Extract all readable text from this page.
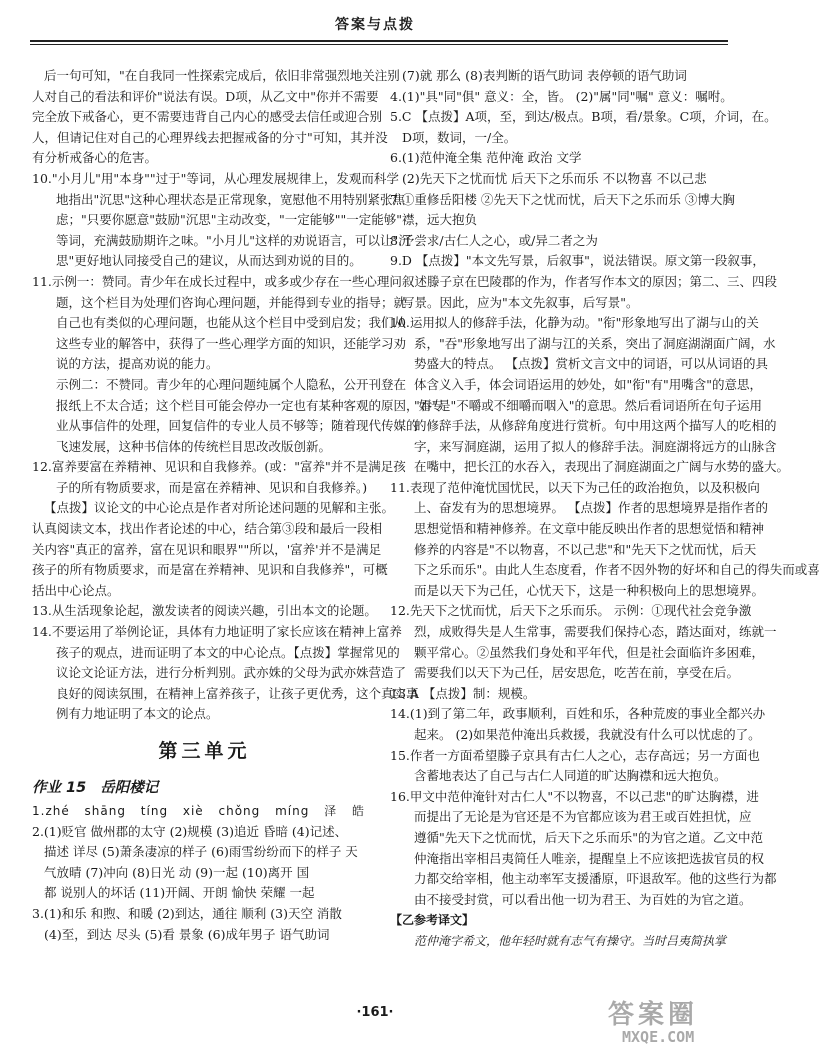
答案与点拨
后一句可知，"在自我同一性探索完成后，依旧非常强烈地关注别
人对自己的看法和评价"说法有误。D项，从乙文中"你并不需要
完全放下戒备心，更不需要违背自己内心的感受去信任或迎合别
人，但请记住对自己的心理界线去把握戒备的分寸"可知，其并没
有分析戒备心的危害。
10."小月儿"用"本身""过于"等词，从心理发展规律上，发观而科学
地指出"沉思"这种心理状态是正常现象，宽慰他不用特别紧张焦
虑；"只要你愿意"鼓励"沉思"主动改变，"一定能够""一定能够"
等词，充满鼓励期许之味。"小月儿"这样的劝说语言，可以让"沉
思"更好地认同接受自己的建议，从而达到劝说的目的。
11.示例一：赞同。青少年在成长过程中，或多或少存在一些心理问
题，这个栏目为处理们咨询心理问题，并能得到专业的指导；就
自己也有类似的心理问题，也能从这个栏目中受到启发；我们从
这些专业的解答中，获得了一些心理学方面的知识，还能学习劝
说的方法，提高劝说的能力。
示例二：不赞同。青少年的心理问题纯属个人隐私，公开刊登在
报纸上不太合适；这个栏目可能会停办一定也有某种客观的原因，如专
业从事信件的处理，回复信件的专业人员不够等；随着现代传媒的
飞速发展，这种书信体的传统栏目思改改版创新。
12.富养要富在养精神、见识和自我修养。(或："富养"并不是满足孩
子的所有物质要求，而是富在养精神、见识和自我修养。)
【点拨】议论文的中心论点是作者对所论述问题的见解和主张。
认真阅读文本，找出作者论述的中心，结合第③段和最后一段相
关内容"真正的富养，富在见识和眼界""所以，'富养'并不是满足
孩子的所有物质要求，而是富在养精神、见识和自我修养"，可概
括出中心论点。
13.从生活现象论起，激发读者的阅读兴趣，引出本文的论题。
14.不要运用了举例论证，具体有力地证明了家长应该在精神上富养
孩子的观点，进而证明了本文的中心论点。【点拨】掌握常见的
议论文论证方法，进行分析判别。武亦姝的父母为武亦姝营造了
良好的阅读氛围，在精神上富养孩子，让孩子更优秀，这个真实事
例有力地证明了本文的论点。
第三单元
作业 15 岳阳楼记
1.zhé shāng tíng xiè chǒng míng 泽 皓
2.(1)贬官 做州郡的太守 (2)规模 (3)追近 昏暗 (4)记述、
描述 详尽 (5)萧条凄凉的样子 (6)雨雪纷纷而下的样子 天
气放晴 (7)冲向 (8)日光 动 (9)一起 (10)离开 国
都 说别人的坏话 (11)开阔、开朗 愉快 荣耀 一起
3.(1)和乐 和煦、和暖 (2)到达，通往 顺利 (3)天空 消散
(4)至，到达 尽头 (5)看 景象 (6)成年男子 语气助词
(7)就 那么 (8)表判断的语气助词 表停顿的语气助词
4.(1)"具"同"俱" 意义：全，皆。 (2)"属"同"嘱" 意义：嘱咐。
5.C 【点拨】A项，至，到达/极点。B项，看/景象。C项，介词，在。
D项，数词，一/全。
6.(1)范仲淹全集 范仲淹 政治 文学
(2)先天下之忧而忧 后天下之乐而乐 不以物喜 不以己悲
7.①重修岳阳楼 ②先天下之忧而忧，后天下之乐而乐 ③博大胸
襟，远大抱负
8.予尝求/古仁人之心，或/异二者之为
9.D 【点拨】"本文先写景，后叙事"，说法错误。原文第一段叙事，
叙述滕子京在巴陵郡的作为，作者写作本文的原因；第二、三、四段
写景。因此，应为"本文先叙事，后写景"。
10.运用拟人的修辞手法，化静为动。"衔"形象地写出了湖与山的关
系，"吞"形象地写出了湖与江的关系，突出了洞庭湖湖面广阔，水
势盛大的特点。 【点拨】赏析文言文中的词语，可以从词语的具
体含义入手，体会词语运用的妙处，如"衔"有"用嘴含"的意思，
"吞"是"不嚼或不细嚼而咽入"的意思。然后看词语所在句子运用
的修辞手法，从修辞角度进行赏析。句中用这两个描写人的吃相的
字，来写洞庭湖，运用了拟人的修辞手法。洞庭湖将远方的山脉含
在嘴中，把长江的水吞入，表现出了洞庭湖面之广阔与水势的盛大。
11.表现了范仲淹忧国忧民，以天下为己任的政治抱负，以及积极向
上、奋发有为的思想境界。 【点拨】作者的思想境界是指作者的
思想觉悟和精神修养。在文章中能反映出作者的思想觉悟和精神
修养的内容是"不以物喜，不以己悲"和"先天下之忧而忧，后天
下之乐而乐"。由此人生态度看，作者不因外物的好坏和自己的得失而或喜
而是以天下为己任，心忧天下，这是一种积极向上的思想境界。
12.先天下之忧而忧，后天下之乐而乐。 示例：①现代社会竞争激
烈，成败得失是人生常事，需要我们保持心态，踏达面对，练就一
颗平常心。②虽然我们身处和平年代，但是社会面临许多困难，
需要我们以天下为己任，居安思危，吃苦在前，享受在后。
13.A 【点拨】制：规模。
14.(1)到了第二年，政事顺利，百姓和乐，各种荒废的事业全都兴办
起来。 (2)如果范仲淹出兵救援，我就没有什么可以忧虑的了。
15.作者一方面希望滕子京具有古仁人之心，志存高远；另一方面也
含蓄地表达了自己与古仁人同道的旷达胸襟和远大抱负。
16.甲文中范仲淹针对古仁人"不以物喜，不以己悲"的旷达胸襟，进
而提出了无论是为官还是不为官都应该为君王或百姓担忧，应
遵循"先天下之忧而忧，后天下之乐而乐"的为官之道。乙文中范
仲淹指出宰相吕夷简任人唯亲，提醒皇上不应该把选拔官员的权
力都交给宰相，他主动率军支援潘原，吓退敌军。他的这些行为都
由不接受封赏，可以看出他一切为君王、为百姓的为官之道。
【乙参考译文】
范仲淹字希文，他年轻时就有志气有操守。当时吕夷简执掌
·161·	答案圈
MXQE.COM
